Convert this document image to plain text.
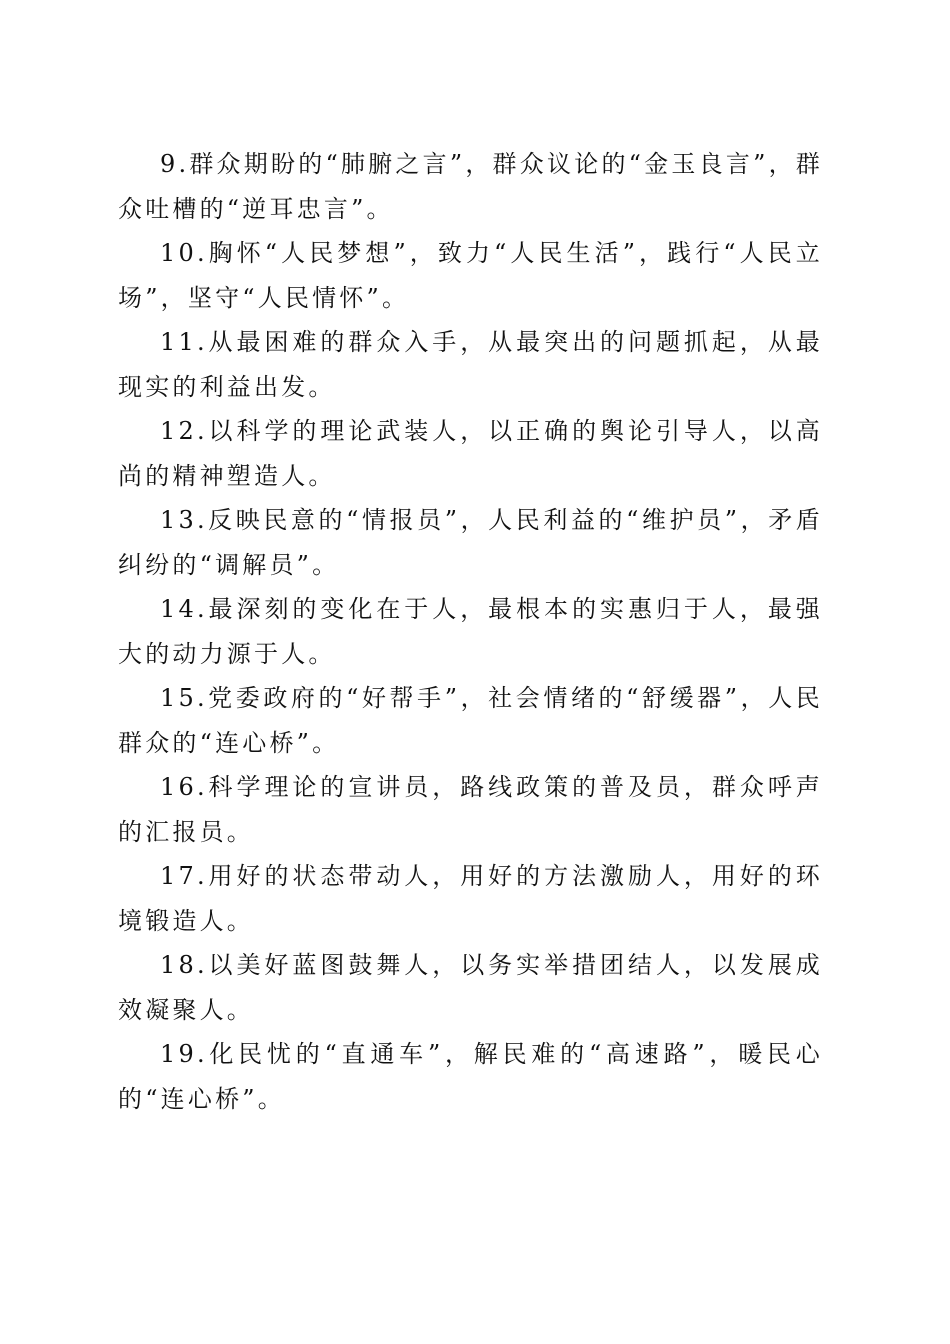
9.群众期盼的“肺腑之言”，群众议论的“金玉良言”，群众吐槽的“逆耳忠言”。

10.胸怀“人民梦想”，致力“人民生活”，践行“人民立场”，坚守“人民情怀”。

11.从最困难的群众入手，从最突出的问题抓起，从最现实的利益出发。

12.以科学的理论武装人，以正确的舆论引导人，以高尚的精神塑造人。

13.反映民意的“情报员”，人民利益的“维护员”，矛盾纠纷的“调解员”。

14.最深刻的变化在于人，最根本的实惠归于人，最强大的动力源于人。

15.党委政府的“好帮手”，社会情绪的“舒缓器”，人民群众的“连心桥”。

16.科学理论的宣讲员，路线政策的普及员，群众呼声的汇报员。

17.用好的状态带动人，用好的方法激励人，用好的环境锻造人。

18.以美好蓝图鼓舞人，以务实举措团结人，以发展成效凝聚人。

19.化民忧的“直通车”，解民难的“高速路”，暖民心的“连心桥”。
